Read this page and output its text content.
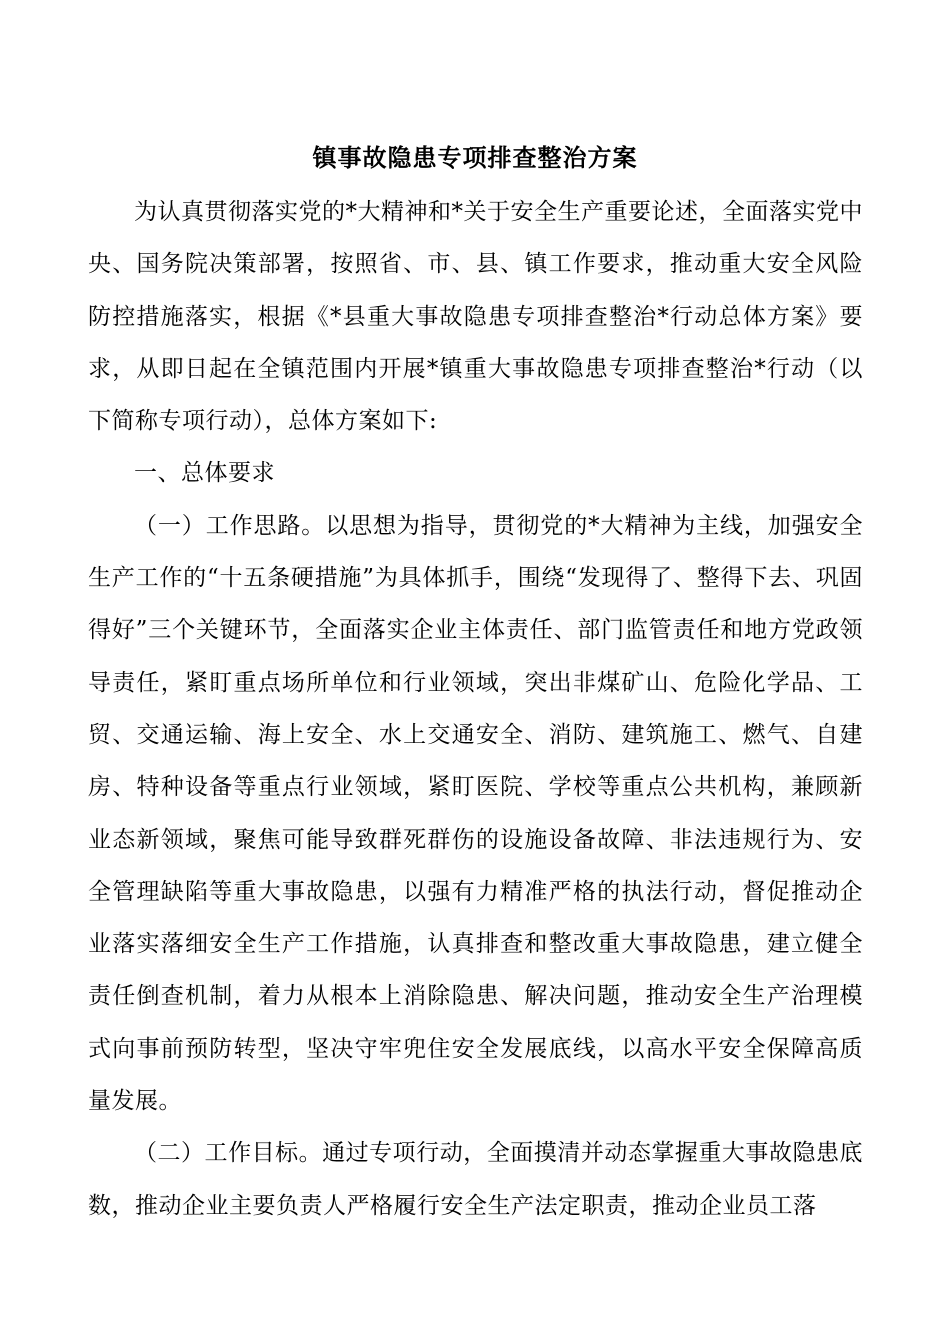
镇事故隐患专项排查整治方案

为认真贯彻落实党的*大精神和*关于安全生产重要论述，全面落实党中央、国务院决策部署，按照省、市、县、镇工作要求，推动重大安全风险防控措施落实，根据《*县重大事故隐患专项排查整治*行动总体方案》要求，从即日起在全镇范围内开展*镇重大事故隐患专项排查整治*行动（以下简称专项行动），总体方案如下:

一、总体要求

（一）工作思路。以思想为指导，贯彻党的*大精神为主线，加强安全生产工作的“十五条硬措施”为具体抓手，围绕“发现得了、整得下去、巩固得好”三个关键环节，全面落实企业主体责任、部门监管责任和地方党政领导责任，紧盯重点场所单位和行业领域，突出非煤矿山、危险化学品、工贸、交通运输、海上安全、水上交通安全、消防、建筑施工、燃气、自建房、特种设备等重点行业领域，紧盯医院、学校等重点公共机构，兼顾新业态新领域，聚焦可能导致群死群伤的设施设备故障、非法违规行为、安全管理缺陷等重大事故隐患，以强有力精准严格的执法行动，督促推动企业落实落细安全生产工作措施，认真排查和整改重大事故隐患，建立健全责任倒查机制，着力从根本上消除隐患、解决问题，推动安全生产治理模式向事前预防转型，坚决守牢兜住安全发展底线，以高水平安全保障高质量发展。

（二）工作目标。通过专项行动，全面摸清并动态掌握重大事故隐患底数，推动企业主要负责人严格履行安全生产法定职责，推动企业员工落
